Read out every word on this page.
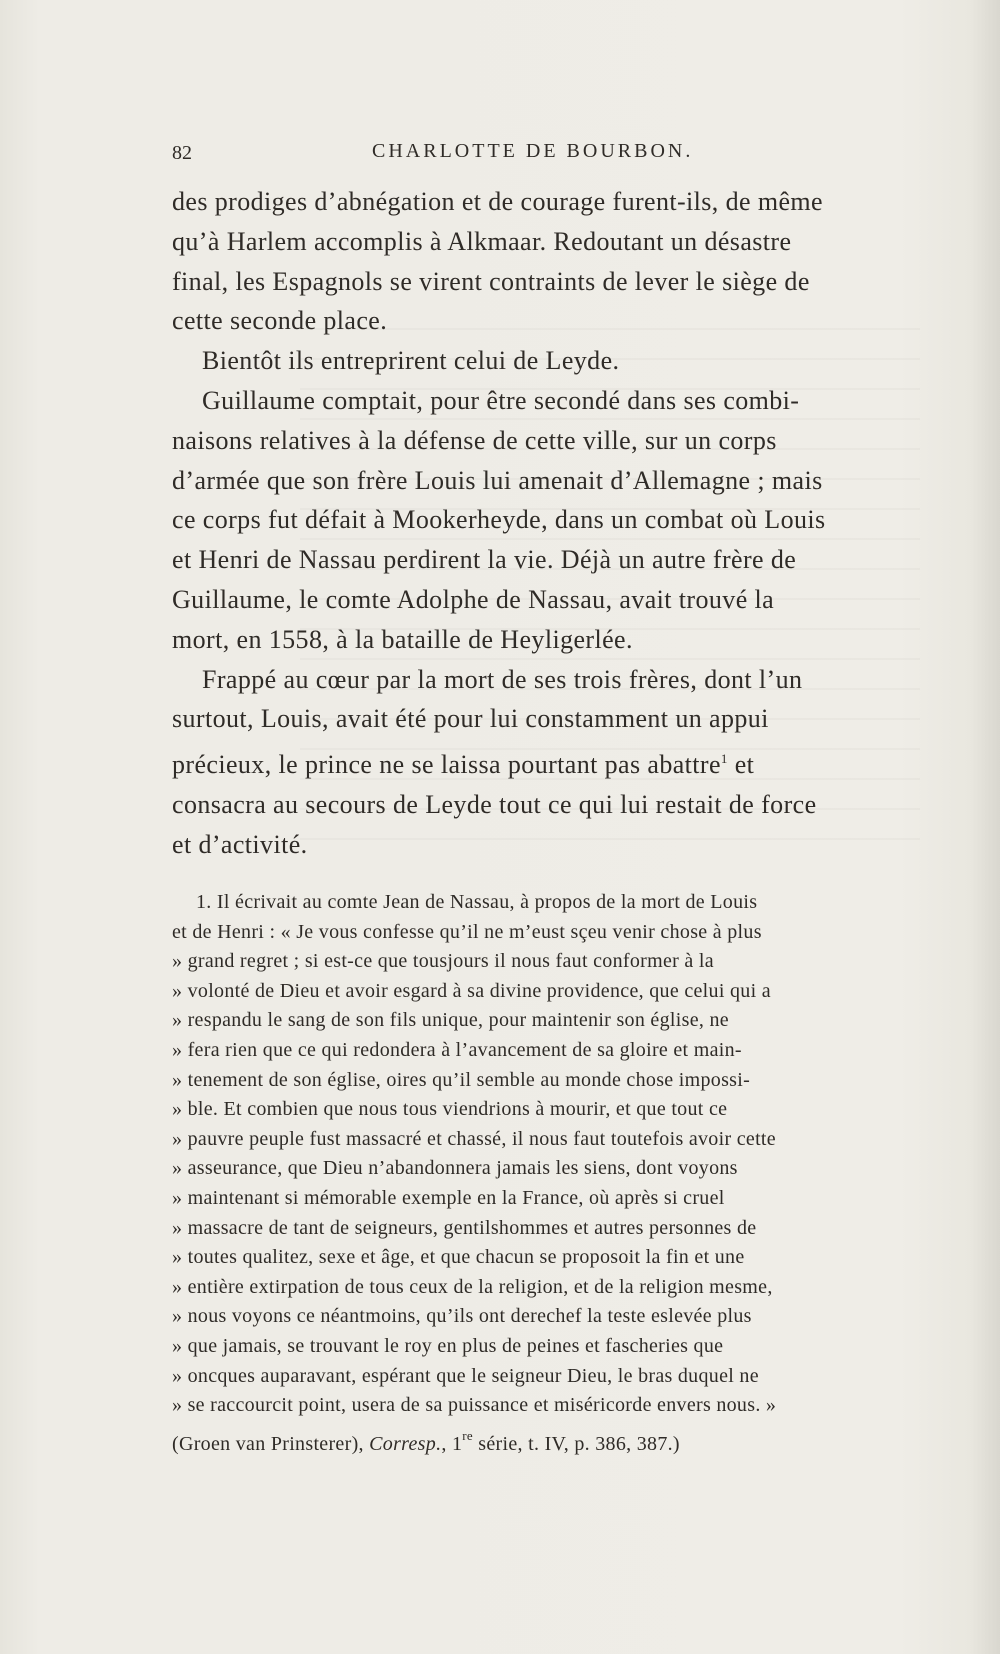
82	CHARLOTTE DE BOURBON.

des prodiges d’abnégation et de courage furent-ils, de même
qu’à Harlem accomplis à Alkmaar. Redoutant un désastre
final, les Espagnols se virent contraints de lever le siège de
cette seconde place.

Bientôt ils entreprirent celui de Leyde.

Guillaume comptait, pour être secondé dans ses combi-
naisons relatives à la défense de cette ville, sur un corps
d’armée que son frère Louis lui amenait d’Allemagne ; mais
ce corps fut défait à Mookerheyde, dans un combat où Louis
et Henri de Nassau perdirent la vie. Déjà un autre frère de
Guillaume, le comte Adolphe de Nassau, avait trouvé la
mort, en 1558, à la bataille de Heyligerlée.

Frappé au cœur par la mort de ses trois frères, dont l’un
surtout, Louis, avait été pour lui constamment un appui
précieux, le prince ne se laissa pourtant pas abattre$^1$ et
consacra au secours de Leyde tout ce qui lui restait de force
et d’activité.

1. Il écrivait au comte Jean de Nassau, à propos de la mort de Louis
et de Henri : « Je vous confesse qu’il ne m’eust sçeu venir chose à plus
» grand regret ; si est-ce que tousjours il nous faut conformer à la
» volonté de Dieu et avoir esgard à sa divine providence, que celui qui a
» respandu le sang de son fils unique, pour maintenir son église, ne
» fera rien que ce qui redondera à l’avancement de sa gloire et main-
» tenement de son église, oires qu’il semble au monde chose impossi-
» ble. Et combien que nous tous viendrions à mourir, et que tout ce
» pauvre peuple fust massacré et chassé, il nous faut toutefois avoir cette
» asseurance, que Dieu n’abandonnera jamais les siens, dont voyons
» maintenant si mémorable exemple en la France, où après si cruel
» massacre de tant de seigneurs, gentilshommes et autres personnes de
» toutes qualitez, sexe et âge, et que chacun se proposoit la fin et une
» entière extirpation de tous ceux de la religion, et de la religion mesme,
» nous voyons ce néantmoins, qu’ils ont derechef la teste eslevée plus
» que jamais, se trouvant le roy en plus de peines et fascheries que
» oncques auparavant, espérant que le seigneur Dieu, le bras duquel ne
» se raccourcit point, usera de sa puissance et miséricorde envers nous. »
(Groen van Prinsterer), Corresp., 1re série, t. IV, p. 386, 387.)
